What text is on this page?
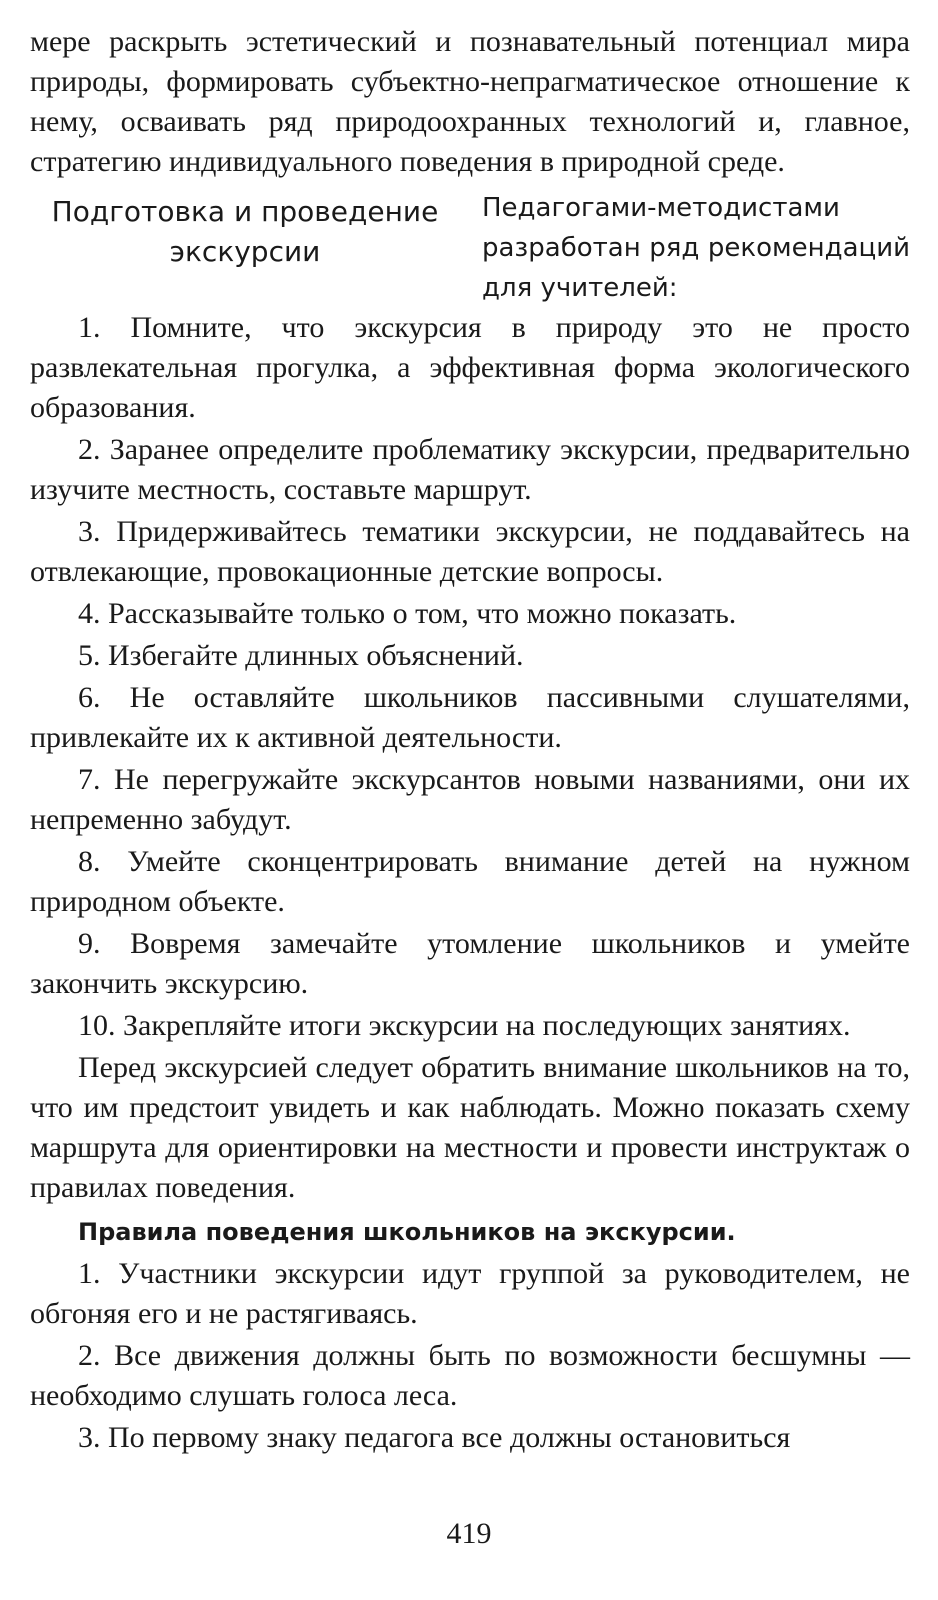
мере раскрыть эстетический и познавательный потенциал мира природы, формировать субъектно-непрагматическое отношение к нему, осваивать ряд природоохранных технологий и, главное, стратегию индивидуального поведения в природной среде.

Подготовка и проведение
экскурсии
Педагогами-методистами разработан ряд рекомендаций для учителей:

1. Помните, что экскурсия в природу это не просто развлекательная прогулка, а эффективная форма экологического образования.

2. Заранее определите проблематику экскурсии, предварительно изучите местность, составьте маршрут.

3. Придерживайтесь тематики экскурсии, не поддавайтесь на отвлекающие, провокационные детские вопросы.

4. Рассказывайте только о том, что можно показать.

5. Избегайте длинных объяснений.

6. Не оставляйте школьников пассивными слушателями, привлекайте их к активной деятельности.

7. Не перегружайте экскурсантов новыми названиями, они их непременно забудут.

8. Умейте сконцентрировать внимание детей на нужном природном объекте.

9. Вовремя замечайте утомление школьников и умейте закончить экскурсию.

10. Закрепляйте итоги экскурсии на последующих занятиях.

Перед экскурсией следует обратить внимание школьников на то, что им предстоит увидеть и как наблюдать. Можно показать схему маршрута для ориентировки на местности и провести инструктаж о правилах поведения.

Правила поведения школьников на экскурсии.

1. Участники экскурсии идут группой за руководителем, не обгоняя его и не растягиваясь.

2. Все движения должны быть по возможности бесшумны — необходимо слушать голоса леса.

3. По первому знаку педагога все должны остановиться

419
